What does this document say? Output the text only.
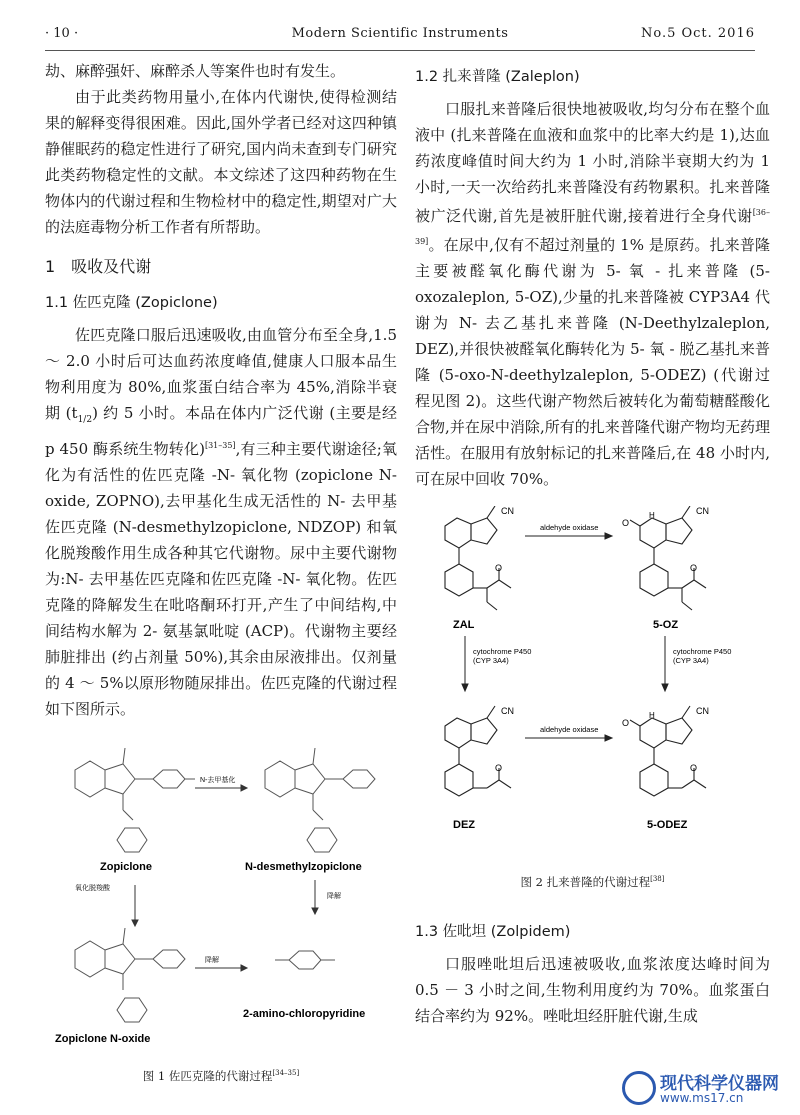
· 10 ·	Modern Scientific Instruments	No.5 Oct. 2016

劫、麻醉强奸、麻醉杀人等案件也时有发生。

由于此类药物用量小,在体内代谢快,使得检测结果的解释变得很困难。因此,国外学者已经对这四种镇静催眠药的稳定性进行了研究,国内尚未查到专门研究此类药物稳定性的文献。本文综述了这四种药物在生物体内的代谢过程和生物检材中的稳定性,期望对广大的法庭毒物分析工作者有所帮助。

1　吸收及代谢
1.1 佐匹克隆 (Zopiclone)

佐匹克隆口服后迅速吸收,由血管分布至全身,1.5 ～ 2.0 小时后可达血药浓度峰值,健康人口服本品生物利用度为 80%,血浆蛋白结合率为 45%,消除半衰期 $(t_{1/2})$ 约 5 小时。本品在体内广泛代谢 (主要是经 p 450 酶系统生物转化)[31–35],有三种主要代谢途径;氧化为有活性的佐匹克隆 -N- 氧化物 (zopiclone N-oxide, ZOPNO),去甲基化生成无活性的 N- 去甲基佐匹克隆 (N-desmethylzopiclone, NDZOP) 和氧化脱羧酸作用生成各种其它代谢物。尿中主要代谢物为:N- 去甲基佐匹克隆和佐匹克隆 -N- 氧化物。佐匹克隆的降解发生在吡咯酮环打开,产生了中间结构,中间结构水解为 2- 氨基氯吡啶 (ACP)。代谢物主要经肺脏排出 (约占剂量 50%),其余由尿液排出。仅剂量的 4 ～ 5%以原形物随尿排出。佐匹克隆的代谢过程如下图所示。

N-去甲基化
降解
氧化脱羧酸
降解
Zopiclone	N-desmethylzopiclone
Zopiclone N-oxide
2-amino-chloropyridine
图 1 佐匹克隆的代谢过程[34–35]
1.2 扎来普隆 (Zaleplon)

口服扎来普隆后很快地被吸收,均匀分布在整个血液中 (扎来普隆在血液和血浆中的比率大约是 1),达血药浓度峰值时间大约为 1 小时,消除半衰期大约为 1 小时,一天一次给药扎来普隆没有药物累积。扎来普隆被广泛代谢,首先是被肝脏代谢,接着进行全身代谢[36–39]。在尿中,仅有不超过剂量的 1% 是原药。扎来普隆主要被醛氧化酶代谢为 5- 氧 - 扎来普隆 (5-oxozaleplon, 5-OZ),少量的扎来普隆被 CYP3A4 代谢为 N- 去乙基扎来普隆 (N-Deethylzaleplon, DEZ),并很快被醛氧化酶转化为 5- 氧 - 脱乙基扎来普隆 (5-oxo-N-deethylzaleplon, 5-ODEZ) (代谢过程见图 2)。这些代谢产物然后被转化为葡萄糖醛酸化合物,并在尿中消除,所有的扎来普隆代谢产物均无药理活性。在服用有放射标记的扎来普隆后,在 48 小时内,可在尿中回收 70%。

CN	CN
CN	CN
O
O
H
H
O	O
O	O
aldehyde oxidase
aldehyde oxidase
cytochrome P450
(CYP 3A4)
cytochrome P450
(CYP 3A4)
ZAL	5-OZ
DEZ	5-ODEZ
图 2 扎来普隆的代谢过程[38]
1.3 佐吡坦 (Zolpidem)

口服唑吡坦后迅速被吸收,血浆浓度达峰时间为 0.5 － 3 小时之间,生物利用度约为 70%。血浆蛋白结合率约为 92%。唑吡坦经肝脏代谢,生成

现代科学仪器网
www.ms17.cn
